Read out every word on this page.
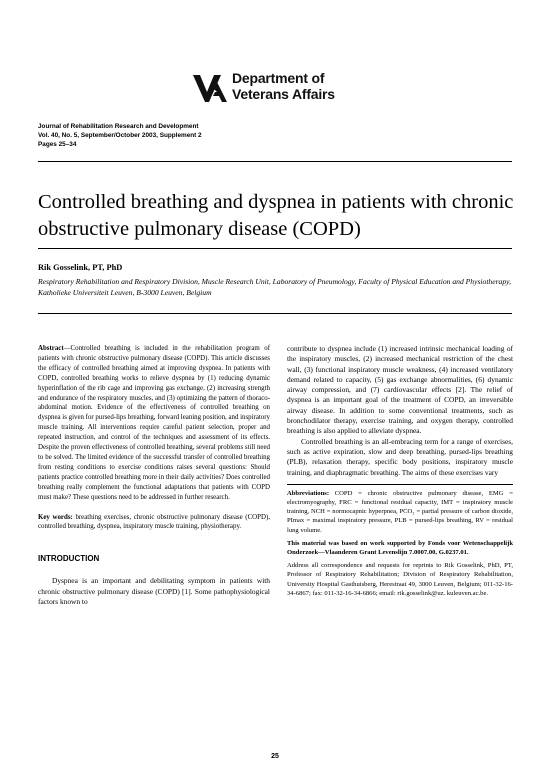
Department of
Veterans Affairs
Journal of Rehabilitation Research and Development
Vol. 40, No. 5, September/October 2003, Supplement 2
Pages 25–34
Controlled breathing and dyspnea in patients with chronic obstructive pulmonary disease (COPD)
Rik Gosselink, PT, PhD
Respiratory Rehabilitation and Respiratory Division, Muscle Research Unit, Laboratory of Pneumology, Faculty of Physical Education and Physiotherapy, Katholieke Universiteit Leuven, B-3000 Leuven, Belgium

Abstract—Controlled breathing is included in the rehabilitation program of patients with chronic obstructive pulmonary disease (COPD). This article discusses the efficacy of controlled breathing aimed at improving dyspnea. In patients with COPD, controlled breathing works to relieve dyspnea by (1) reducing dynamic hyperinflation of the rib cage and improving gas exchange, (2) increasing strength and endurance of the respiratory muscles, and (3) optimizing the pattern of thoraco-abdominal motion. Evidence of the effectiveness of controlled breathing on dyspnea is given for pursed-lips breathing, forward leaning position, and inspiratory muscle training. All interventions require careful patient selection, proper and repeated instruction, and control of the techniques and assessment of its effects. Despite the proven effectiveness of controlled breathing, several problems still need to be solved. The limited evidence of the successful transfer of controlled breathing from resting conditions to exercise conditions raises several questions: Should patients practice controlled breathing more in their daily activities? Does controlled breathing really complement the functional adaptations that patients with COPD must make? These questions need to be addressed in further research.

Key words: breathing exercises, chronic obstructive pulmonary disease (COPD), controlled breathing, dyspnea, inspiratory muscle training, physiotherapy.

INTRODUCTION

Dyspnea is an important and debilitating symptom in patients with chronic obstructive pulmonary disease (COPD) [1]. Some pathophysiological factors known to

contribute to dyspnea include (1) increased intrinsic mechanical loading of the inspiratory muscles, (2) increased mechanical restriction of the chest wall, (3) functional inspiratory muscle weakness, (4) increased ventilatory demand related to capacity, (5) gas exchange abnormalities, (6) dynamic airway compression, and (7) cardiovascular effects [2]. The relief of dyspnea is an important goal of the treatment of COPD, an irreversible airway disease. In addition to some conventional treatments, such as bronchodilator therapy, exercise training, and oxygen therapy, controlled breathing is also applied to alleviate dyspnea.

Controlled breathing is an all-embracing term for a range of exercises, such as active expiration, slow and deep breathing, pursed-lips breathing (PLB), relaxation therapy, specific body positions, inspiratory muscle training, and diaphragmatic breathing. The aims of these exercises vary

Abbreviations: COPD = chronic obstructive pulmonary disease, EMG = electromyography, FRC = functional residual capacity, IMT = inspiratory muscle training, NCH = normocapnic hyperpnea, PCO₂ = partial pressure of carbon dioxide, PImax = maximal inspiratory pressure, PLB = pursed-lips breathing, RV = residual lung volume.

This material was based on work supported by Fonds voor Wetenschappelijk Onderzoek—Vlaanderen Grant Levenslijn 7.0007.00, G.0237.01.

Address all correspondence and requests for reprints to Rik Gosselink, PhD, PT, Professor of Respiratory Rehabilitation; Division of Respiratory Rehabilitation, University Hospital Gasthuisberg, Herestraat 49, 3000 Leuven, Belgium; 011-32-16-34-6867; fax: 011-32-16-34-6866; email: rik.gosselink@uz. kuleuven.ac.be.

25
